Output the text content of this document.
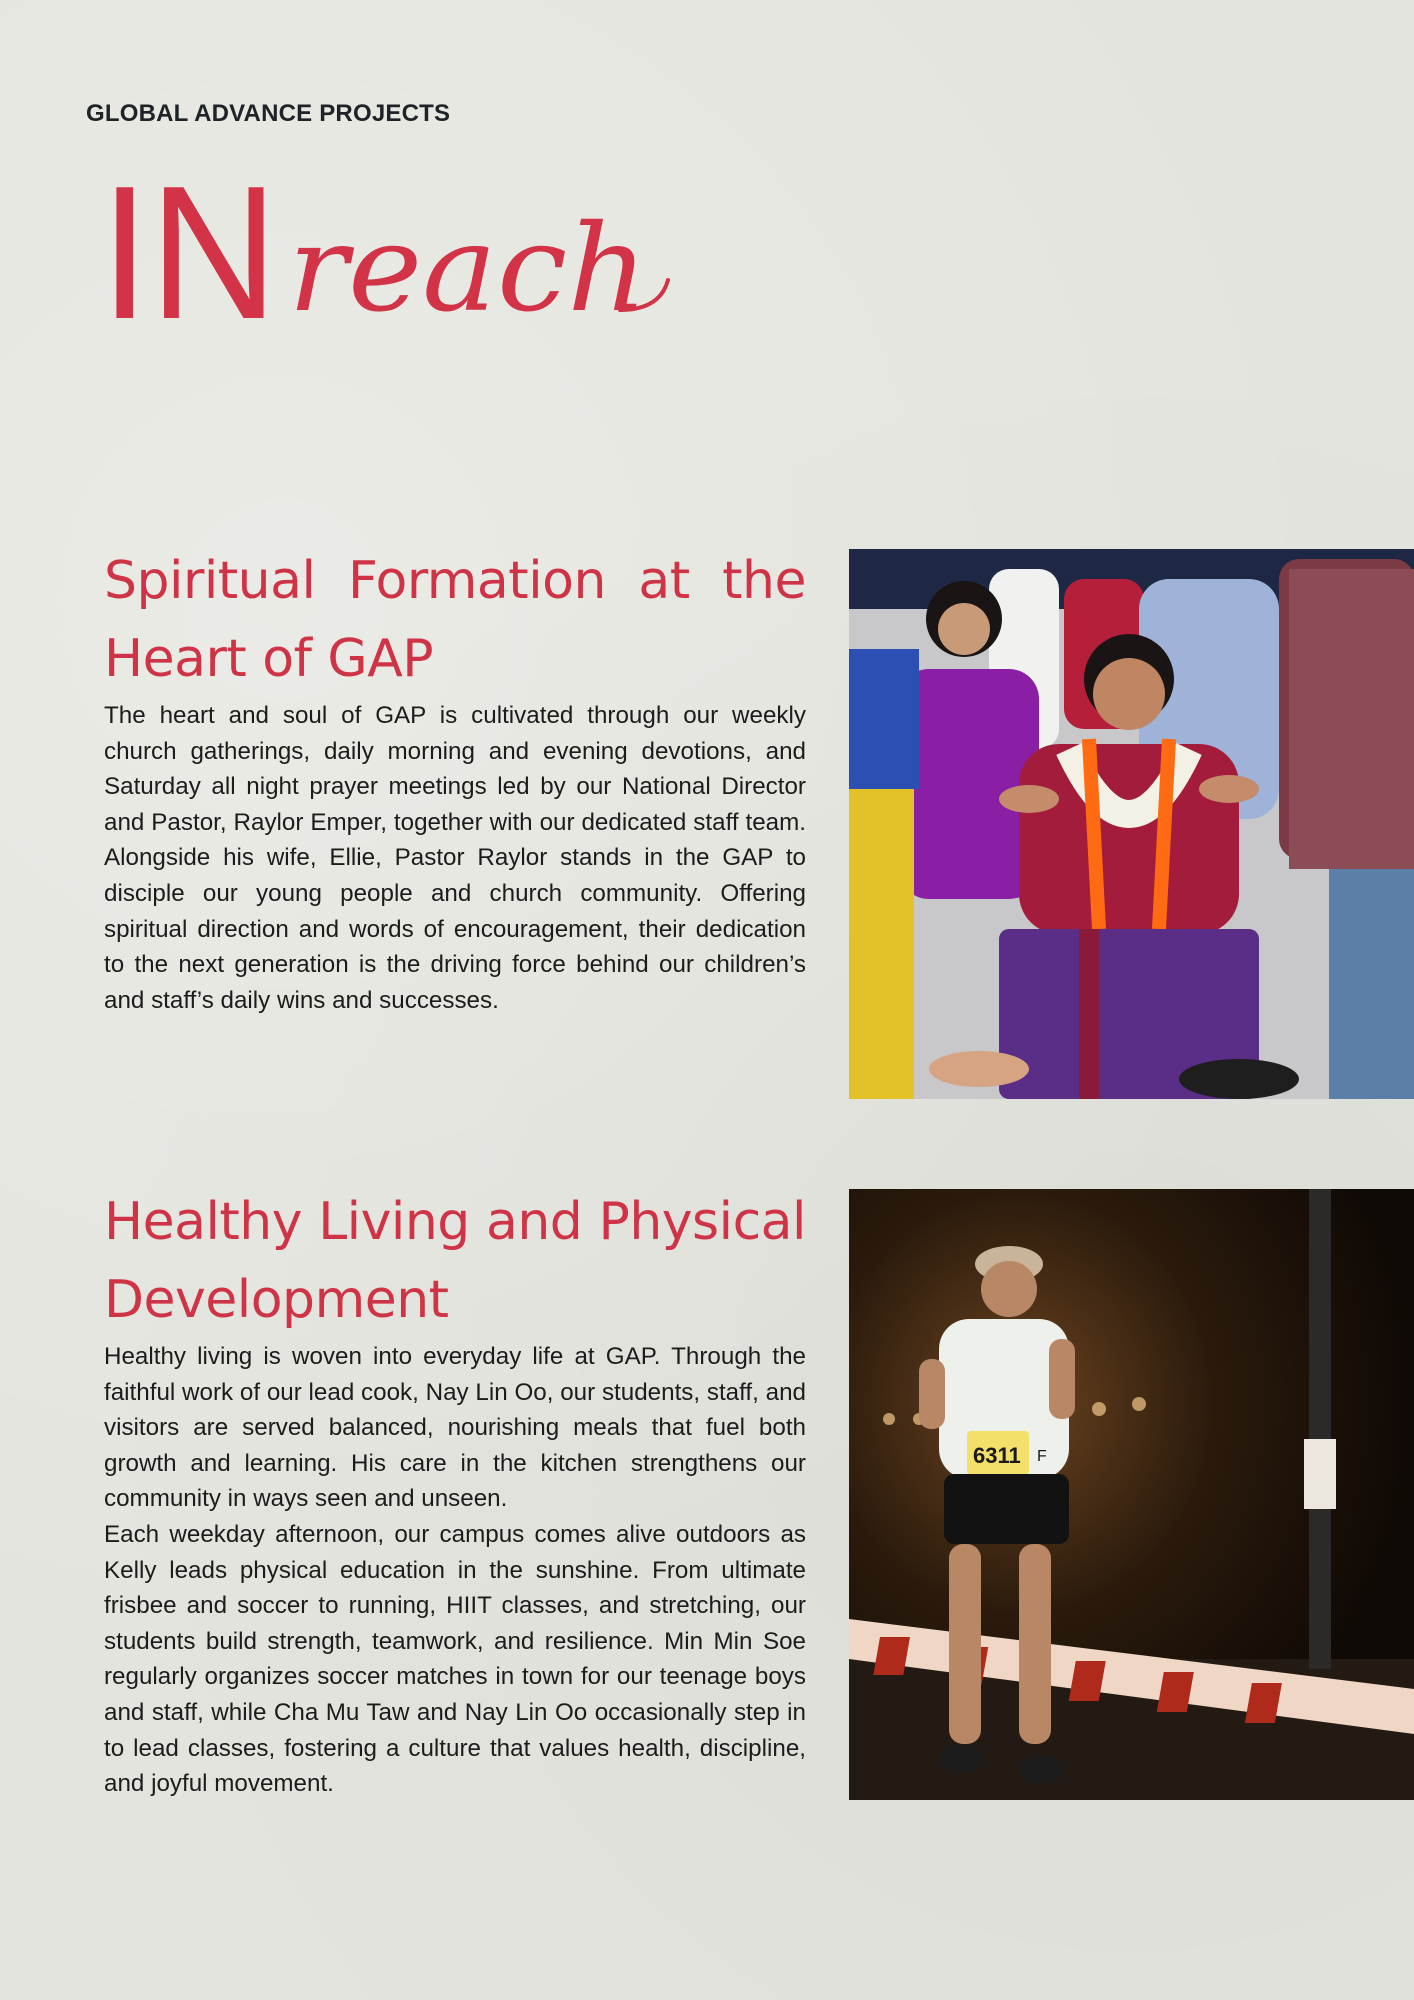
GLOBAL ADVANCE PROJECTS
IN reach
Spiritual Formation at the Heart of GAP

The heart and soul of GAP is cultivated through our weekly church gatherings, daily morning and evening devotions, and Saturday all night prayer meetings led by our National Director and Pastor, Raylor Emper, together with our dedicated staff team. Alongside his wife, Ellie, Pastor Raylor stands in the GAP to disciple our young people and church community. Offering spiritual direction and words of encouragement, their dedication to the next generation is the driving force behind our children’s and staff’s daily wins and successes.

Healthy Living and Physical Development

Healthy living is woven into everyday life at GAP. Through the faithful work of our lead cook, Nay Lin Oo, our students, staff, and visitors are served balanced, nourishing meals that fuel both growth and learning. His care in the kitchen strengthens our community in ways seen and unseen.

Each weekday afternoon, our campus comes alive outdoors as Kelly leads physical education in the sunshine. From ultimate frisbee and soccer to running, HIIT classes, and stretching, our students build strength, teamwork, and resilience. Min Min Soe regularly organizes soccer matches in town for our teenage boys and staff, while Cha Mu Taw and Nay Lin Oo occasionally step in to lead classes, fostering a culture that values health, discipline, and joyful movement.

6311 F
